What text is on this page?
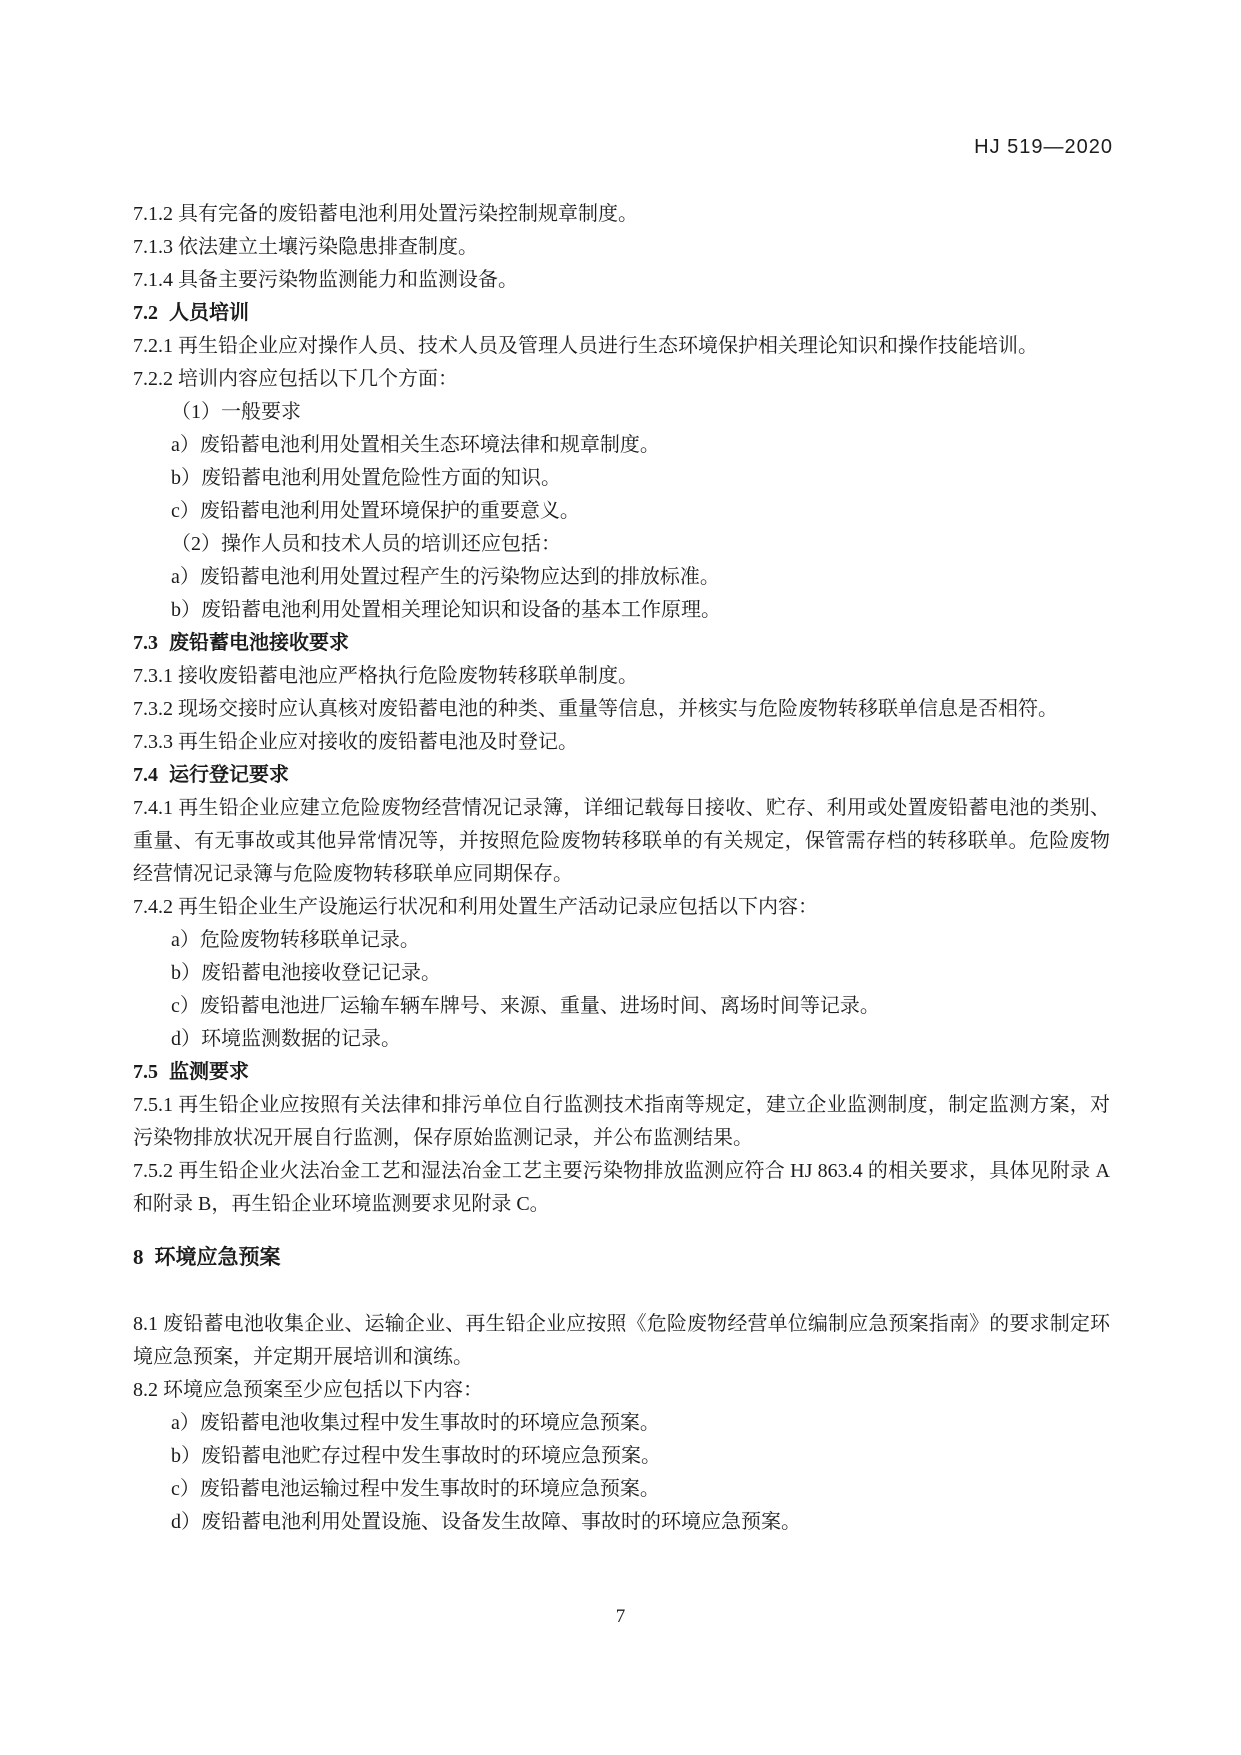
HJ 519—2020

7.1.2 具有完备的废铅蓄电池利用处置污染控制规章制度。

7.1.3 依法建立土壤污染隐患排查制度。

7.1.4 具备主要污染物监测能力和监测设备。

7.2 人员培训

7.2.1 再生铅企业应对操作人员、技术人员及管理人员进行生态环境保护相关理论知识和操作技能培训。

7.2.2 培训内容应包括以下几个方面：

（1）一般要求

a）废铅蓄电池利用处置相关生态环境法律和规章制度。

b）废铅蓄电池利用处置危险性方面的知识。

c）废铅蓄电池利用处置环境保护的重要意义。

（2）操作人员和技术人员的培训还应包括：

a）废铅蓄电池利用处置过程产生的污染物应达到的排放标准。

b）废铅蓄电池利用处置相关理论知识和设备的基本工作原理。

7.3 废铅蓄电池接收要求

7.3.1 接收废铅蓄电池应严格执行危险废物转移联单制度。

7.3.2 现场交接时应认真核对废铅蓄电池的种类、重量等信息，并核实与危险废物转移联单信息是否相符。

7.3.3 再生铅企业应对接收的废铅蓄电池及时登记。

7.4 运行登记要求

7.4.1 再生铅企业应建立危险废物经营情况记录簿，详细记载每日接收、贮存、利用或处置废铅蓄电池的类别、重量、有无事故或其他异常情况等，并按照危险废物转移联单的有关规定，保管需存档的转移联单。危险废物经营情况记录簿与危险废物转移联单应同期保存。

7.4.2 再生铅企业生产设施运行状况和利用处置生产活动记录应包括以下内容：

a）危险废物转移联单记录。

b）废铅蓄电池接收登记记录。

c）废铅蓄电池进厂运输车辆车牌号、来源、重量、进场时间、离场时间等记录。

d）环境监测数据的记录。

7.5 监测要求

7.5.1 再生铅企业应按照有关法律和排污单位自行监测技术指南等规定，建立企业监测制度，制定监测方案，对污染物排放状况开展自行监测，保存原始监测记录，并公布监测结果。

7.5.2 再生铅企业火法冶金工艺和湿法冶金工艺主要污染物排放监测应符合 HJ 863.4 的相关要求，具体见附录 A 和附录 B，再生铅企业环境监测要求见附录 C。

8 环境应急预案

8.1 废铅蓄电池收集企业、运输企业、再生铅企业应按照《危险废物经营单位编制应急预案指南》的要求制定环境应急预案，并定期开展培训和演练。

8.2 环境应急预案至少应包括以下内容：

a）废铅蓄电池收集过程中发生事故时的环境应急预案。

b）废铅蓄电池贮存过程中发生事故时的环境应急预案。

c）废铅蓄电池运输过程中发生事故时的环境应急预案。

d）废铅蓄电池利用处置设施、设备发生故障、事故时的环境应急预案。

7
